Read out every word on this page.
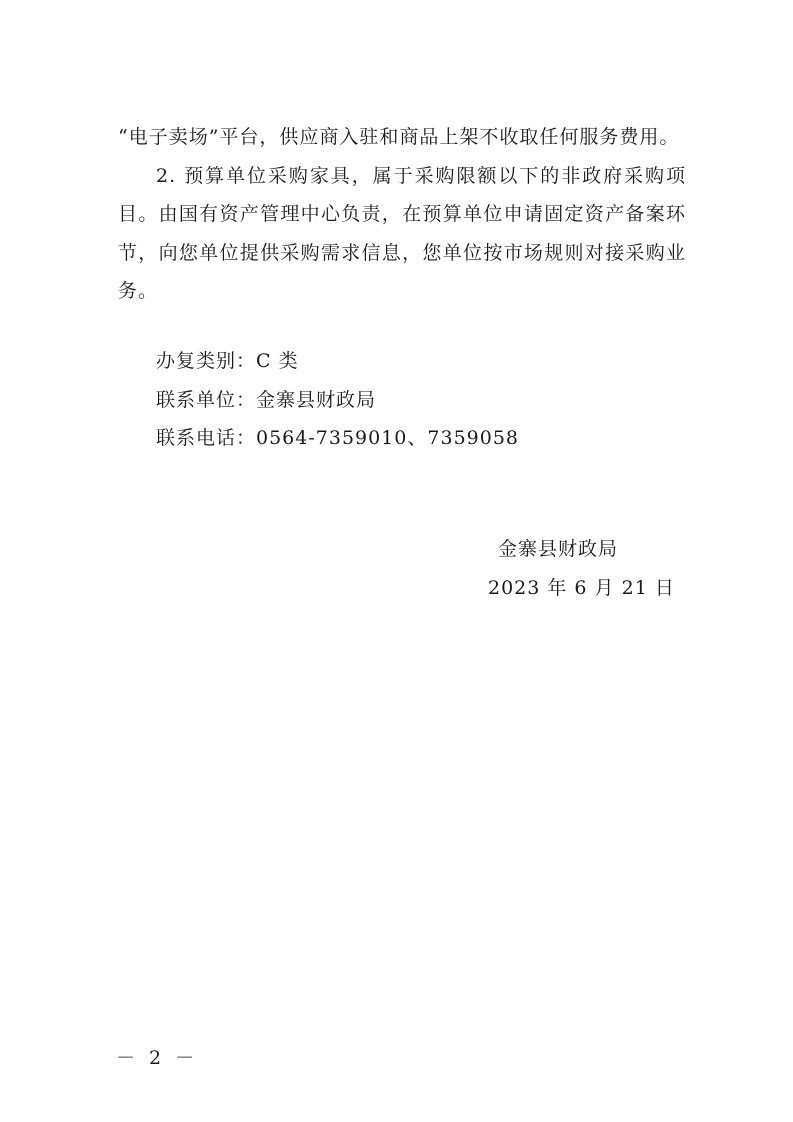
“电子卖场”平台，供应商入驻和商品上架不收取任何服务费用。

2. 预算单位采购家具，属于采购限额以下的非政府采购项目。由国有资产管理中心负责，在预算单位申请固定资产备案环节，向您单位提供采购需求信息，您单位按市场规则对接采购业务。

办复类别：C 类
联系单位：金寨县财政局
联系电话：0564-7359010、7359058
金寨县财政局
2023 年 6 月 21 日
－ 2 －
